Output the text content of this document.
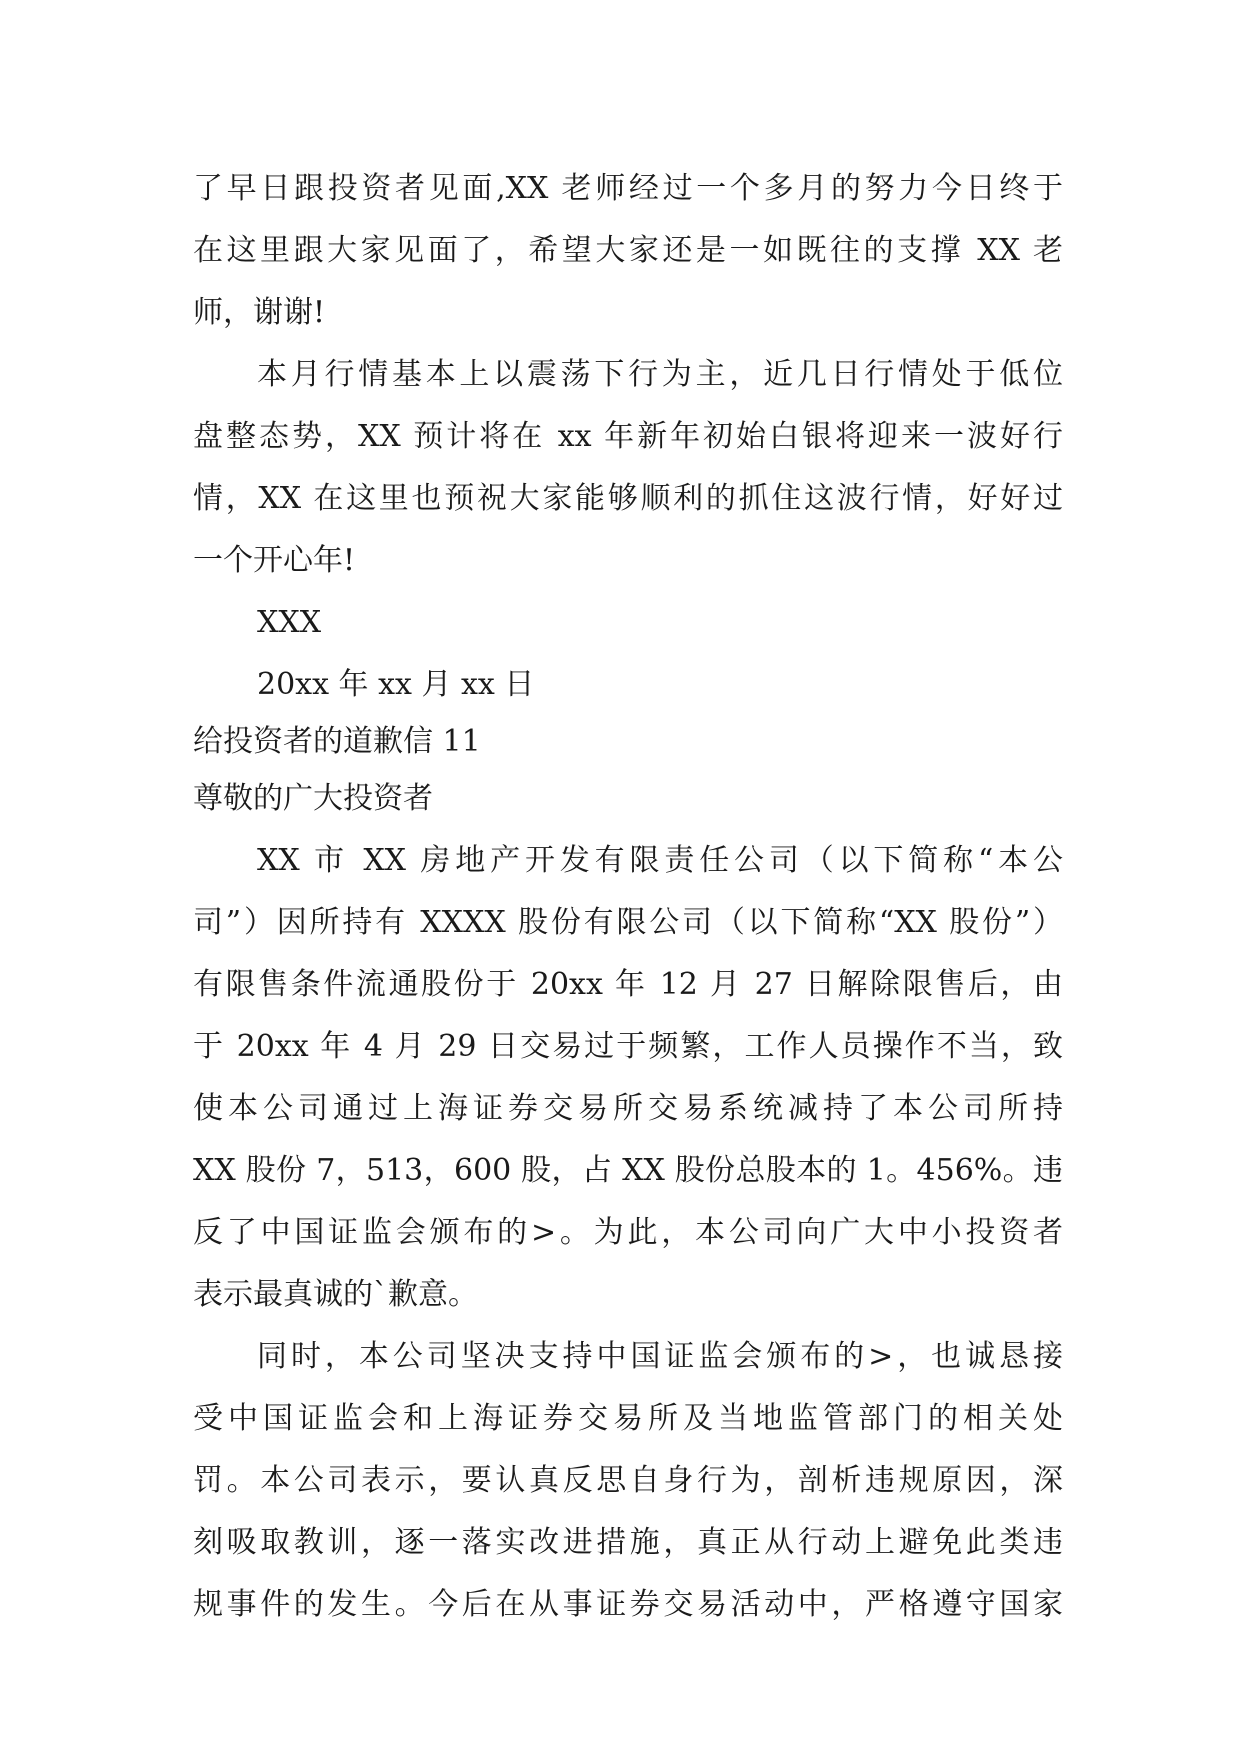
了早日跟投资者见面,XX 老师经过一个多月的努力今日终于
在这里跟大家见面了，希望大家还是一如既往的支撑 XX 老
师，谢谢!
本月行情基本上以震荡下行为主，近几日行情处于低位
盘整态势，XX 预计将在 xx 年新年初始白银将迎来一波好行
情，XX 在这里也预祝大家能够顺利的抓住这波行情，好好过
一个开心年!
XXX
20xx 年 xx 月 xx 日
给投资者的道歉信 11
尊敬的广大投资者
XX 市 XX 房地产开发有限责任公司（以下简称“本公
司”）因所持有 XXXX 股份有限公司（以下简称“XX 股份”）
有限售条件流通股份于 20xx 年 12 月 27 日解除限售后，由
于 20xx 年 4 月 29 日交易过于频繁，工作人员操作不当，致
使本公司通过上海证券交易所交易系统减持了本公司所持
XX 股份 7，513，600 股，占 XX 股份总股本的 1。456%。违
反了中国证监会颁布的>。为此，本公司向广大中小投资者
表示最真诚的`歉意。
同时，本公司坚决支持中国证监会颁布的>，也诚恳接
受中国证监会和上海证券交易所及当地监管部门的相关处
罚。本公司表示，要认真反思自身行为，剖析违规原因，深
刻吸取教训，逐一落实改进措施，真正从行动上避免此类违
规事件的发生。今后在从事证券交易活动中，严格遵守国家
